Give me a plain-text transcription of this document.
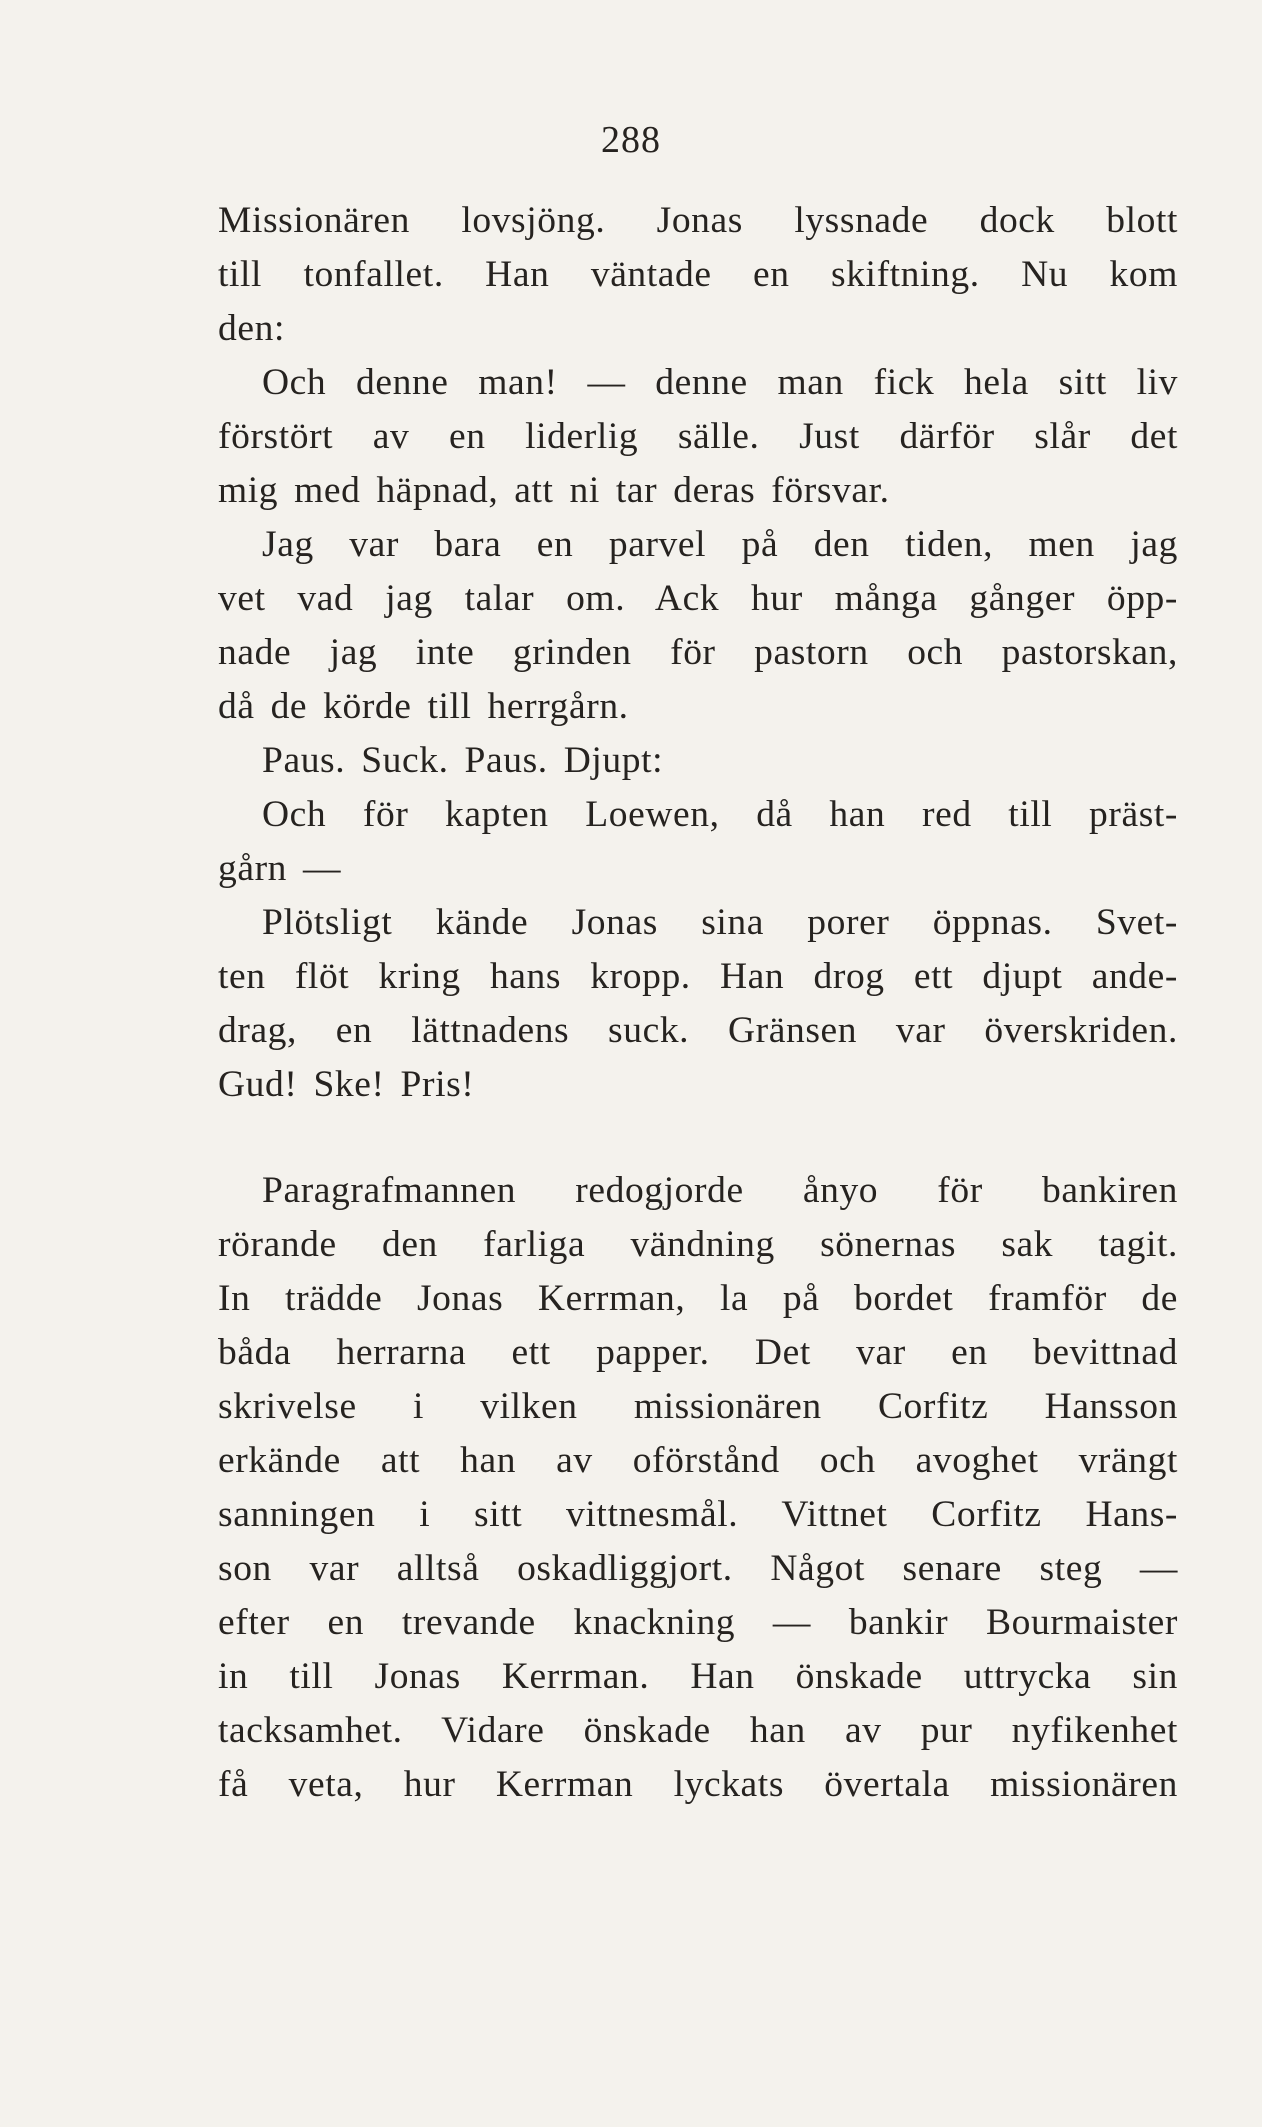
288
Missionären lovsjöng. Jonas lyssnade dock blott
till tonfallet. Han väntade en skiftning. Nu kom
den:
Och denne man! — denne man fick hela sitt liv
förstört av en liderlig sälle. Just därför slår det
mig med häpnad, att ni tar deras försvar.
Jag var bara en parvel på den tiden, men jag
vet vad jag talar om. Ack hur många gånger öpp-
nade jag inte grinden för pastorn och pastorskan,
då de körde till herrgårn.
Paus. Suck. Paus. Djupt:
Och för kapten Loewen, då han red till präst-
gårn —
Plötsligt kände Jonas sina porer öppnas. Svet-
ten flöt kring hans kropp. Han drog ett djupt ande-
drag, en lättnadens suck. Gränsen var överskriden.
Gud! Ske! Pris!
Paragrafmannen redogjorde ånyo för bankiren
rörande den farliga vändning sönernas sak tagit.
In trädde Jonas Kerrman, la på bordet framför de
båda herrarna ett papper. Det var en bevittnad
skrivelse i vilken missionären Corfitz Hansson
erkände att han av oförstånd och avoghet vrängt
sanningen i sitt vittnesmål. Vittnet Corfitz Hans-
son var alltså oskadliggjort. Något senare steg —
efter en trevande knackning — bankir Bourmaister
in till Jonas Kerrman. Han önskade uttrycka sin
tacksamhet. Vidare önskade han av pur nyfikenhet
få veta, hur Kerrman lyckats övertala missionären
